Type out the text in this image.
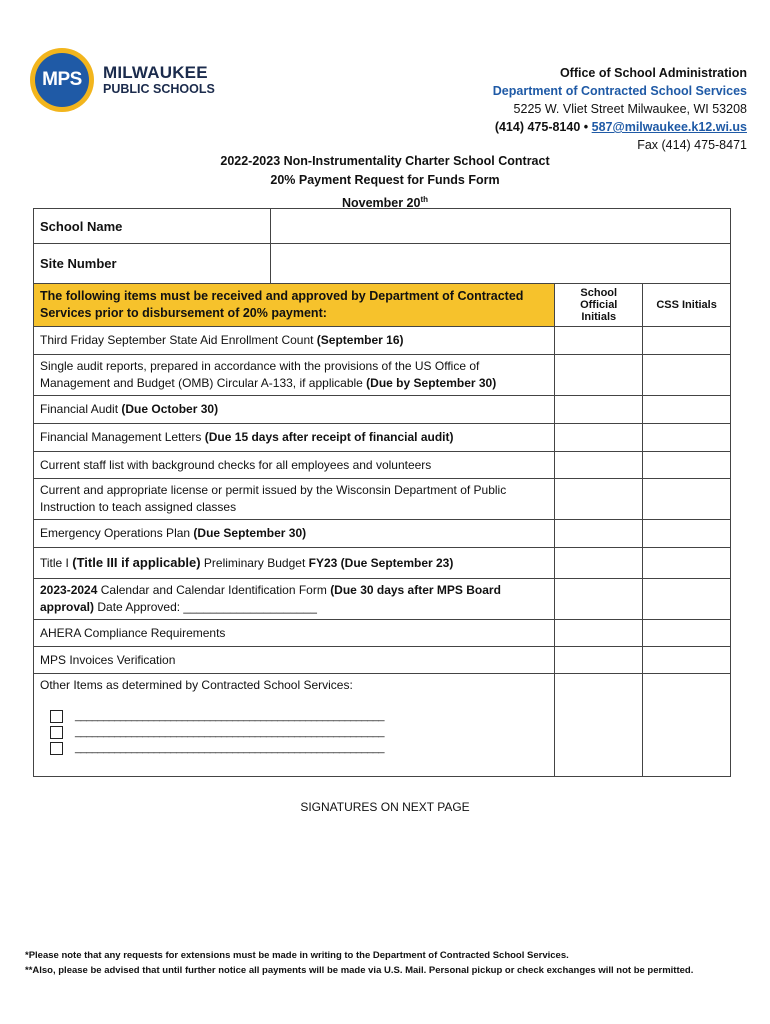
MPS	MILWAUKEE
PUBLIC SCHOOLS
Office of School Administration
Department of Contracted School Services
5225 W. Vliet Street Milwaukee, WI 53208
(414) 475-8140 • 587@milwaukee.k12.wi.us
Fax (414) 475-8471
2022-2023 Non-Instrumentality Charter School Contract
20% Payment Request for Funds Form
November 20th
School Name			
Site Number			
The following items must be received and approved by Department of Contracted Services prior to disbursement of 20% payment:		School Official Initials	CSS Initials
Third Friday September State Aid Enrollment Count (September 16)			
Single audit reports, prepared in accordance with the provisions of the US Office of Management and Budget (OMB) Circular A-133, if applicable (Due by September 30)			
Financial Audit (Due October 30)			
Financial Management Letters (Due 15 days after receipt of financial audit)			
Current staff list with background checks for all employees and volunteers			
Current and appropriate license or permit issued by the Wisconsin Department of Public Instruction to teach assigned classes			
Emergency Operations Plan (Due September 30)			
Title I (Title III if applicable) Preliminary Budget FY23 (Due September 23)			
2023-2024 Calendar and Calendar Identification Form (Due 30 days after MPS Board approval) Date Approved: ____________________			
AHERA Compliance Requirements			
MPS Invoices Verification			

Other Items as determined by Contracted School Services:
_______________________________________________________
_______________________________________________________
_______________________________________________________			

SIGNATURES ON NEXT PAGE
*Please note that any requests for extensions must be made in writing to the Department of Contracted School Services.
**Also, please be advised that until further notice all payments will be made via U.S. Mail. Personal pickup or check exchanges will not be permitted.
